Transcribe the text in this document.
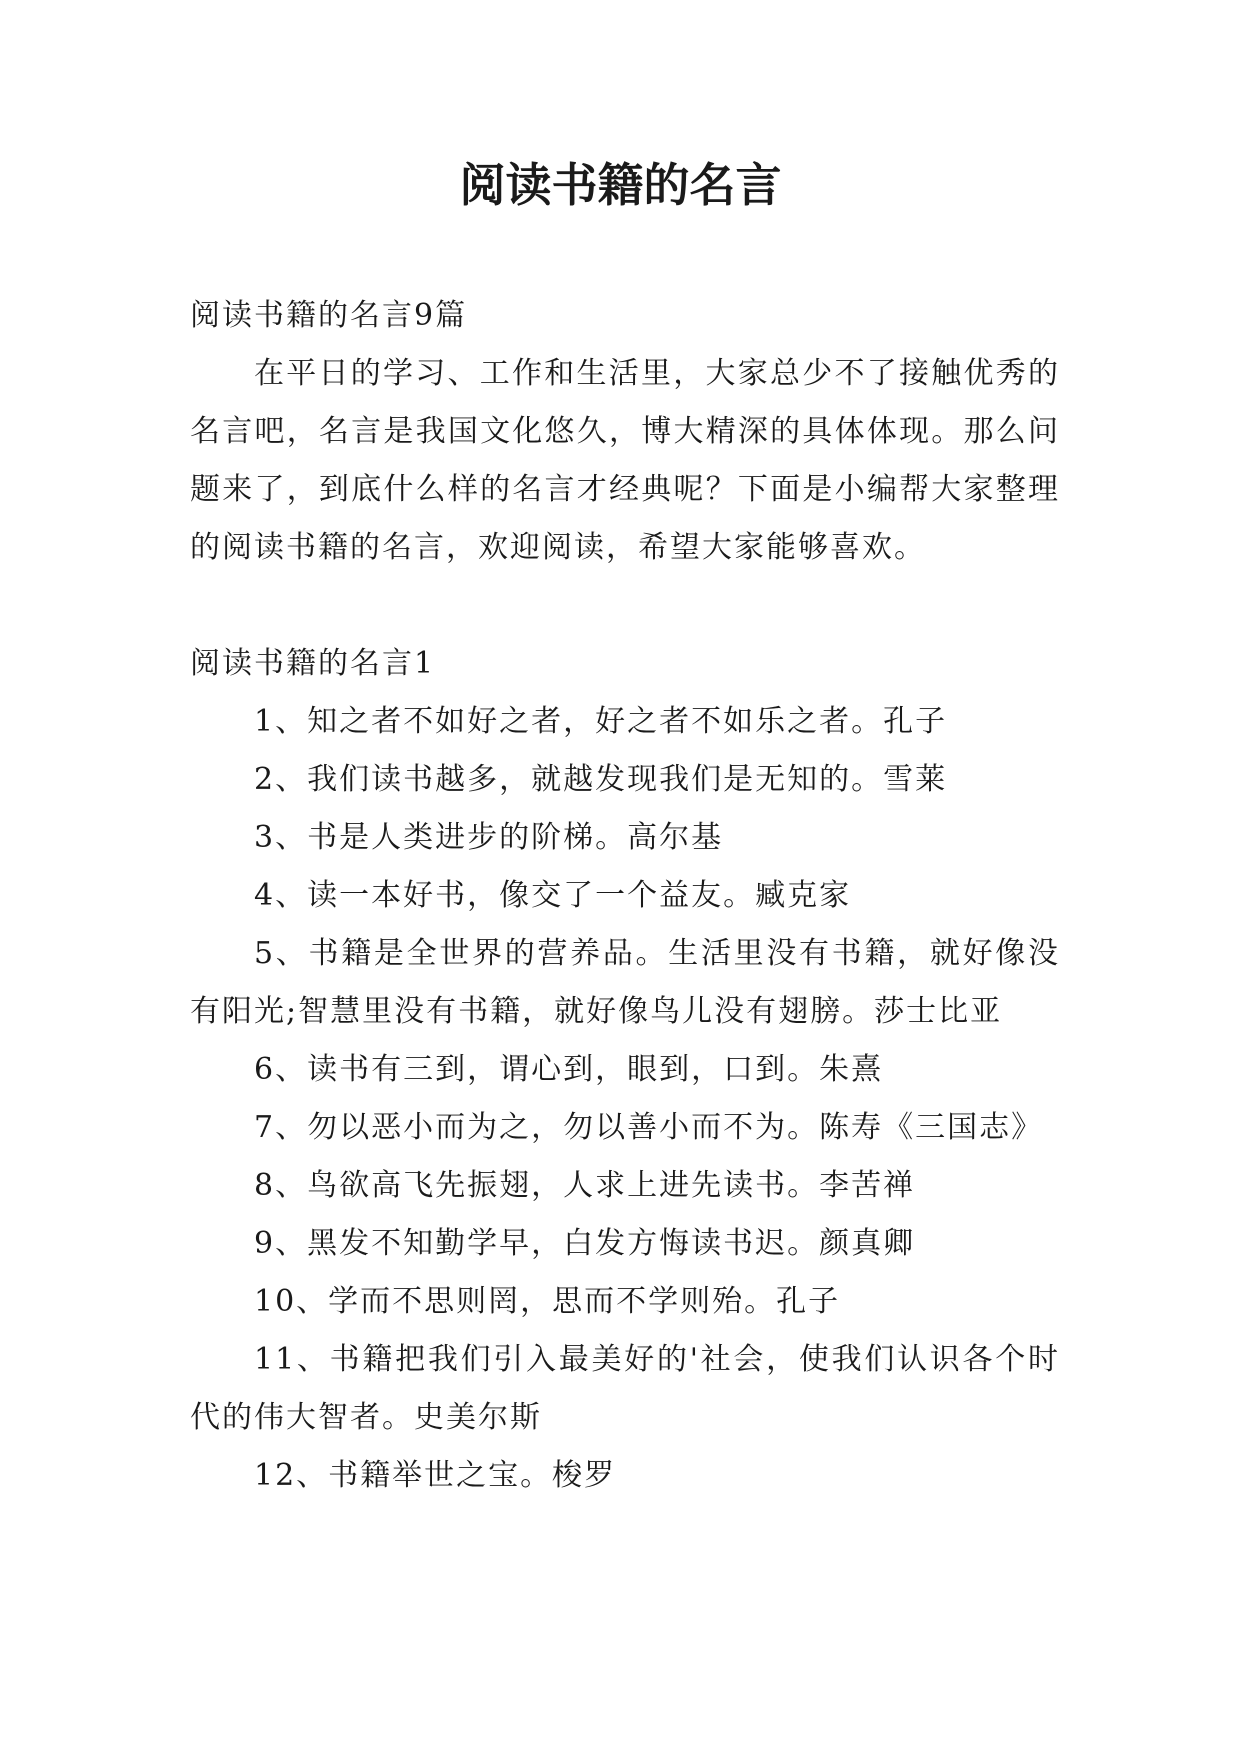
阅读书籍的名言

阅读书籍的名言9篇

在平日的学习、工作和生活里，大家总少不了接触优秀的名言吧，名言是我国文化悠久，博大精深的具体体现。那么问题来了，到底什么样的名言才经典呢？下面是小编帮大家整理的阅读书籍的名言，欢迎阅读，希望大家能够喜欢。

阅读书籍的名言1

1、知之者不如好之者，好之者不如乐之者。孔子

2、我们读书越多，就越发现我们是无知的。雪莱

3、书是人类进步的阶梯。高尔基

4、读一本好书，像交了一个益友。臧克家

5、书籍是全世界的营养品。生活里没有书籍，就好像没有阳光;智慧里没有书籍，就好像鸟儿没有翅膀。莎士比亚

6、读书有三到，谓心到，眼到，口到。朱熹

7、勿以恶小而为之，勿以善小而不为。陈寿《三国志》

8、鸟欲高飞先振翅，人求上进先读书。李苦禅

9、黑发不知勤学早，白发方悔读书迟。颜真卿

10、学而不思则罔，思而不学则殆。孔子

11、书籍把我们引入最美好的'社会，使我们认识各个时代的伟大智者。史美尔斯

12、书籍举世之宝。梭罗
